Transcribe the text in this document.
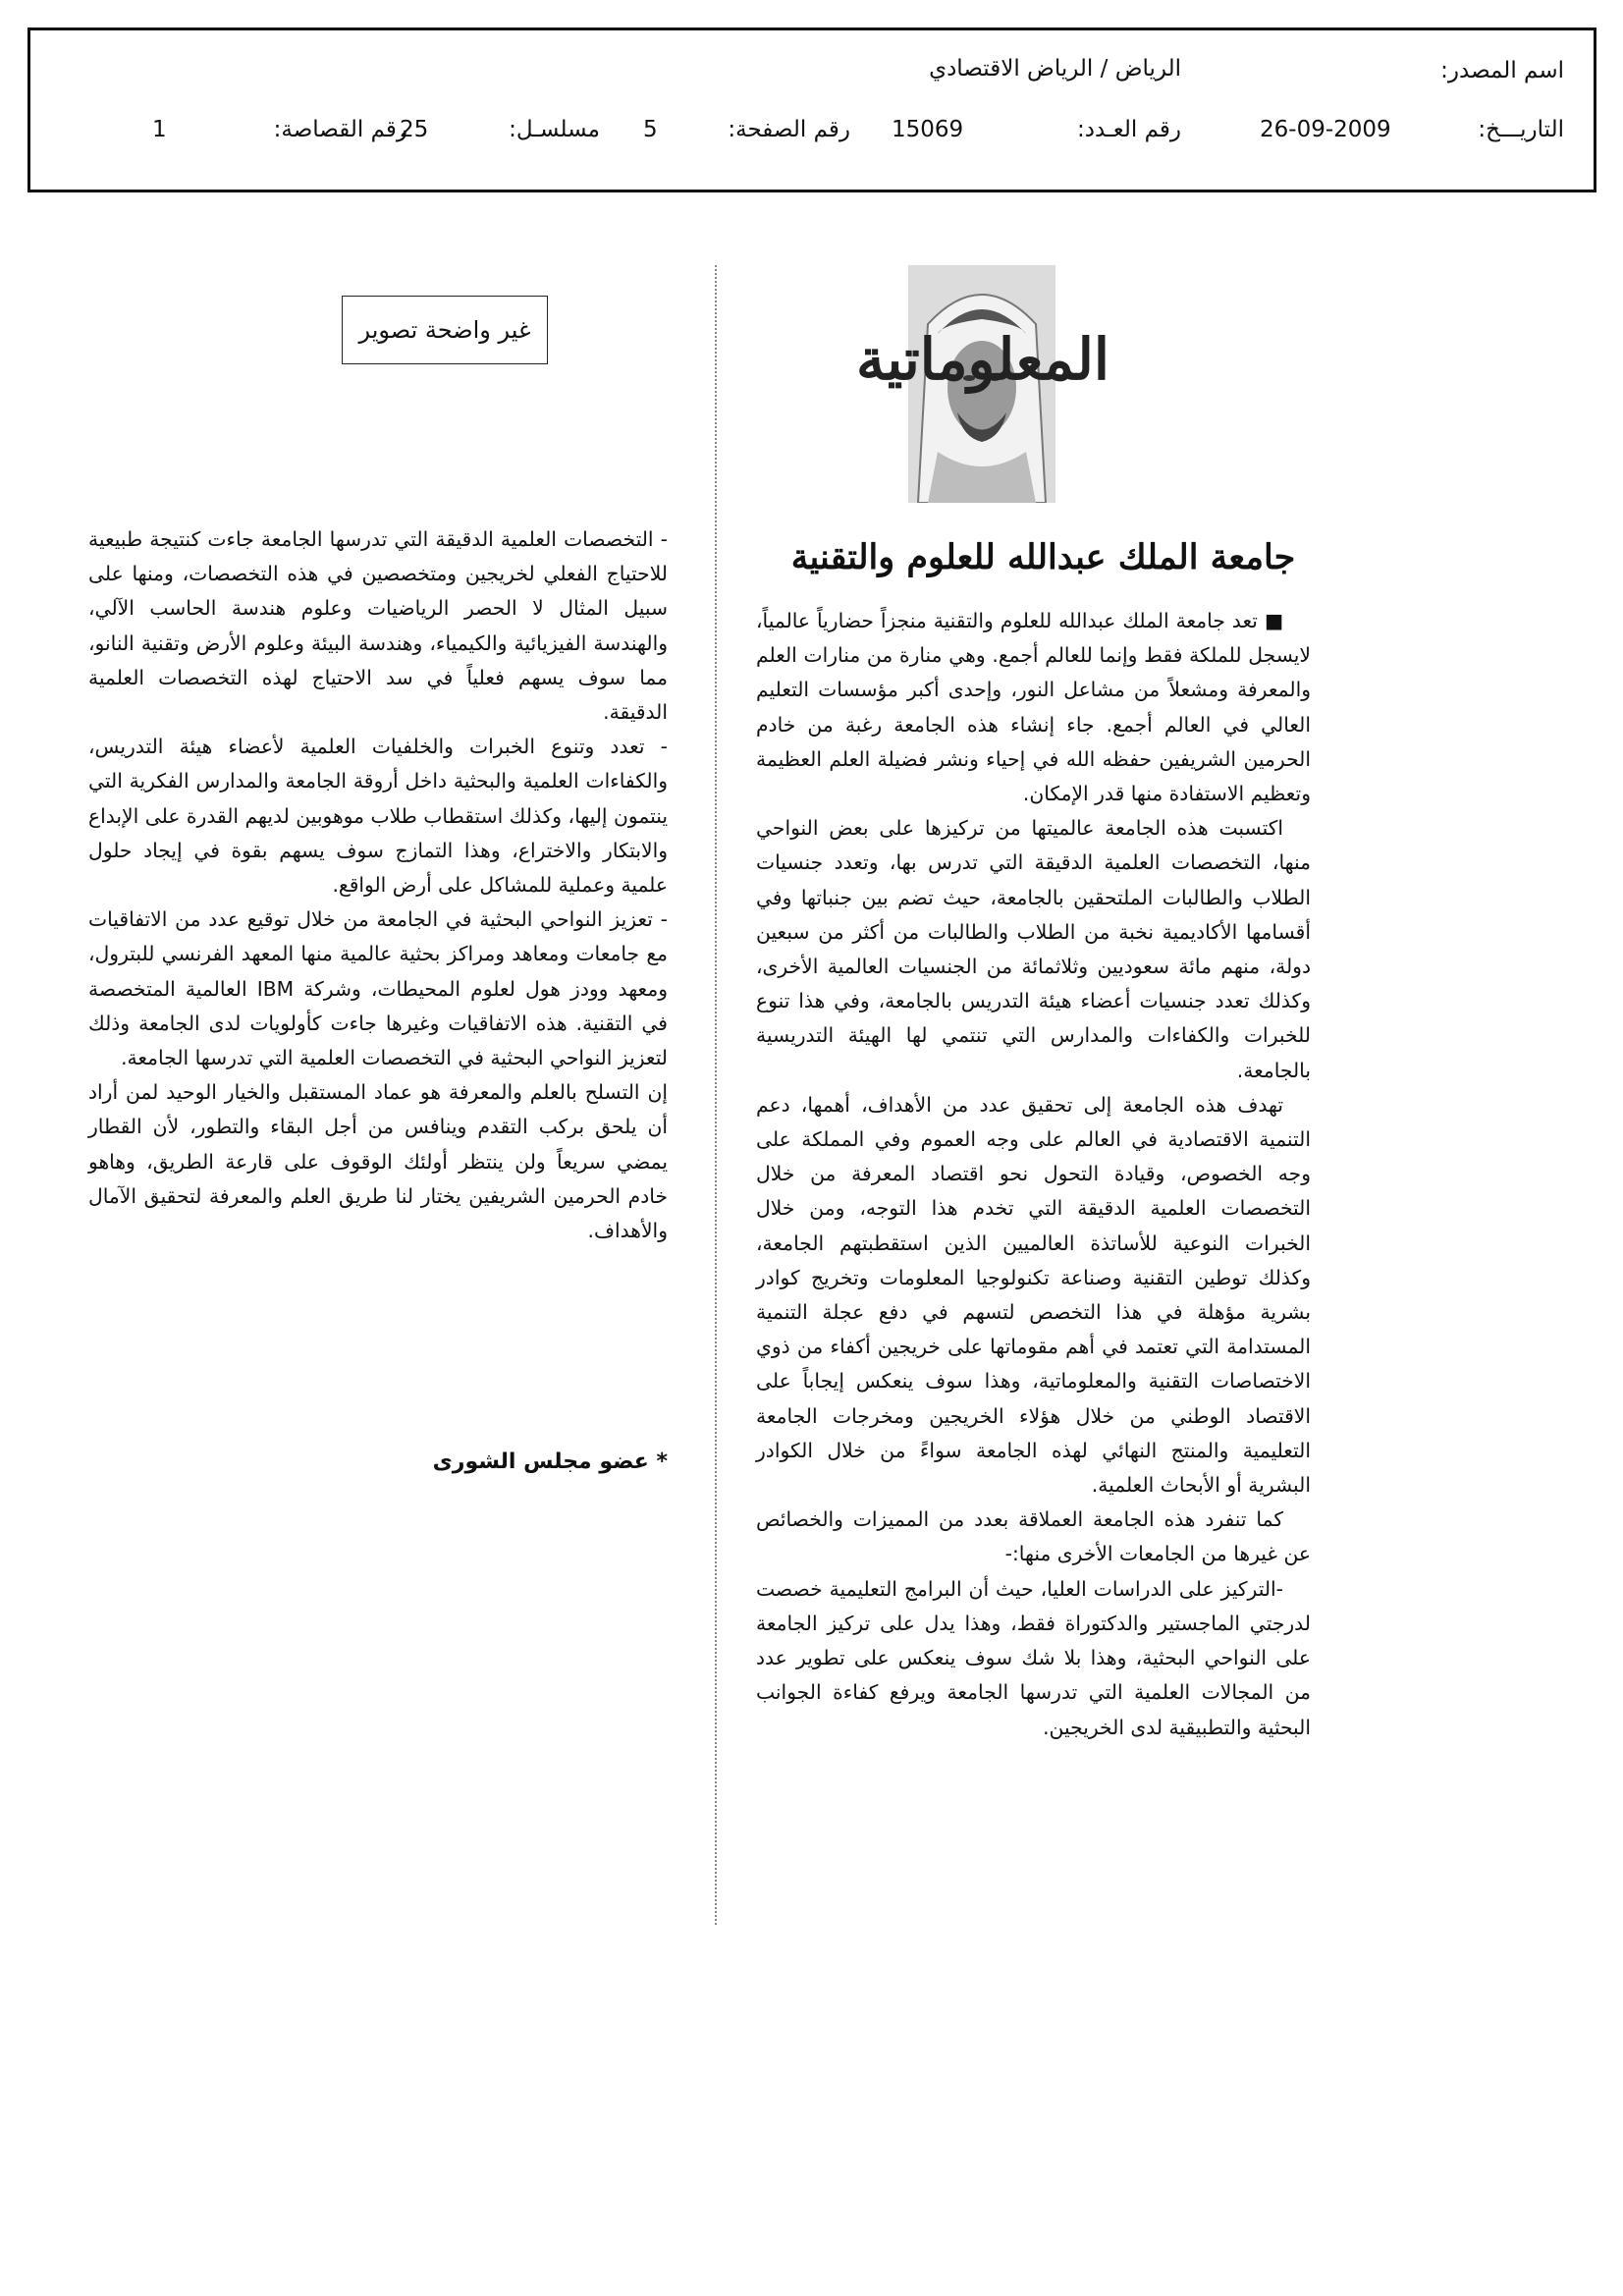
اسم المصدر:
الرياض / الرياض الاقتصادي
التاريـــخ:
26-09-2009
رقم العـدد:
15069
رقم الصفحة:
5
مسلسـل:
25
رقم القصاصة:
1
غير واضحة تصوير	المعلوماتية
جامعة الملك عبدالله للعلوم والتقنية

■ تعد جامعة الملك عبدالله للعلوم والتقنية منجزاً حضارياً عالمياً، لايسجل للملكة فقط وإنما للعالم أجمع. وهي منارة من منارات العلم والمعرفة ومشعلاً من مشاعل النور، وإحدى أكبر مؤسسات التعليم العالي في العالم أجمع. جاء إنشاء هذه الجامعة رغبة من خادم الحرمين الشريفين حفظه الله في إحياء ونشر فضيلة العلم العظيمة وتعظيم الاستفادة منها قدر الإمكان.

اكتسبت هذه الجامعة عالميتها من تركيزها على بعض النواحي منها، التخصصات العلمية الدقيقة التي تدرس بها، وتعدد جنسيات الطلاب والطالبات الملتحقين بالجامعة، حيث تضم بين جنباتها وفي أقسامها الأكاديمية نخبة من الطلاب والطالبات من أكثر من سبعين دولة، منهم مائة سعوديين وثلاثمائة من الجنسيات العالمية الأخرى، وكذلك تعدد جنسيات أعضاء هيئة التدريس بالجامعة، وفي هذا تنوع للخبرات والكفاءات والمدارس التي تنتمي لها الهيئة التدريسية بالجامعة.

تهدف هذه الجامعة إلى تحقيق عدد من الأهداف، أهمها، دعم التنمية الاقتصادية في العالم على وجه العموم وفي المملكة على وجه الخصوص، وقيادة التحول نحو اقتصاد المعرفة من خلال التخصصات العلمية الدقيقة التي تخدم هذا التوجه، ومن خلال الخبرات النوعية للأساتذة العالميين الذين استقطبتهم الجامعة، وكذلك توطين التقنية وصناعة تكنولوجيا المعلومات وتخريج كوادر بشرية مؤهلة في هذا التخصص لتسهم في دفع عجلة التنمية المستدامة التي تعتمد في أهم مقوماتها على خريجين أكفاء من ذوي الاختصاصات التقنية والمعلوماتية، وهذا سوف ينعكس إيجاباً على الاقتصاد الوطني من خلال هؤلاء الخريجين ومخرجات الجامعة التعليمية والمنتج النهائي لهذه الجامعة سواءً من خلال الكوادر البشرية أو الأبحاث العلمية.

كما تنفرد هذه الجامعة العملاقة بعدد من المميزات والخصائص عن غيرها من الجامعات الأخرى منها:-

-التركيز على الدراسات العليا، حيث أن البرامج التعليمية خصصت لدرجتي الماجستير والدكتوراة فقط، وهذا يدل على تركيز الجامعة على النواحي البحثية، وهذا بلا شك سوف ينعكس على تطوير عدد من المجالات العلمية التي تدرسها الجامعة ويرفع كفاءة الجوانب البحثية والتطبيقية لدى الخريجين.

- التخصصات العلمية الدقيقة التي تدرسها الجامعة جاءت كنتيجة طبيعية للاحتياج الفعلي لخريجين ومتخصصين في هذه التخصصات، ومنها على سبيل المثال لا الحصر الرياضيات وعلوم هندسة الحاسب الآلي، والهندسة الفيزيائية والكيمياء، وهندسة البيئة وعلوم الأرض وتقنية النانو، مما سوف يسهم فعلياً في سد الاحتياج لهذه التخصصات العلمية الدقيقة.

- تعدد وتنوع الخبرات والخلفيات العلمية لأعضاء هيئة التدريس، والكفاءات العلمية والبحثية داخل أروقة الجامعة والمدارس الفكرية التي ينتمون إليها، وكذلك استقطاب طلاب موهوبين لديهم القدرة على الإبداع والابتكار والاختراع، وهذا التمازج سوف يسهم بقوة في إيجاد حلول علمية وعملية للمشاكل على أرض الواقع.

- تعزيز النواحي البحثية في الجامعة من خلال توقيع عدد من الاتفاقيات مع جامعات ومعاهد ومراكز بحثية عالمية منها المعهد الفرنسي للبترول، ومعهد وودز هول لعلوم المحيطات، وشركة IBM العالمية المتخصصة في التقنية. هذه الاتفاقيات وغيرها جاءت كأولويات لدى الجامعة وذلك لتعزيز النواحي البحثية في التخصصات العلمية التي تدرسها الجامعة.

إن التسلح بالعلم والمعرفة هو عماد المستقبل والخيار الوحيد لمن أراد أن يلحق بركب التقدم وينافس من أجل البقاء والتطور، لأن القطار يمضي سريعاً ولن ينتظر أولئك الوقوف على قارعة الطريق، وهاهو خادم الحرمين الشريفين يختار لنا طريق العلم والمعرفة لتحقيق الآمال والأهداف.

* عضو مجلس الشورى
